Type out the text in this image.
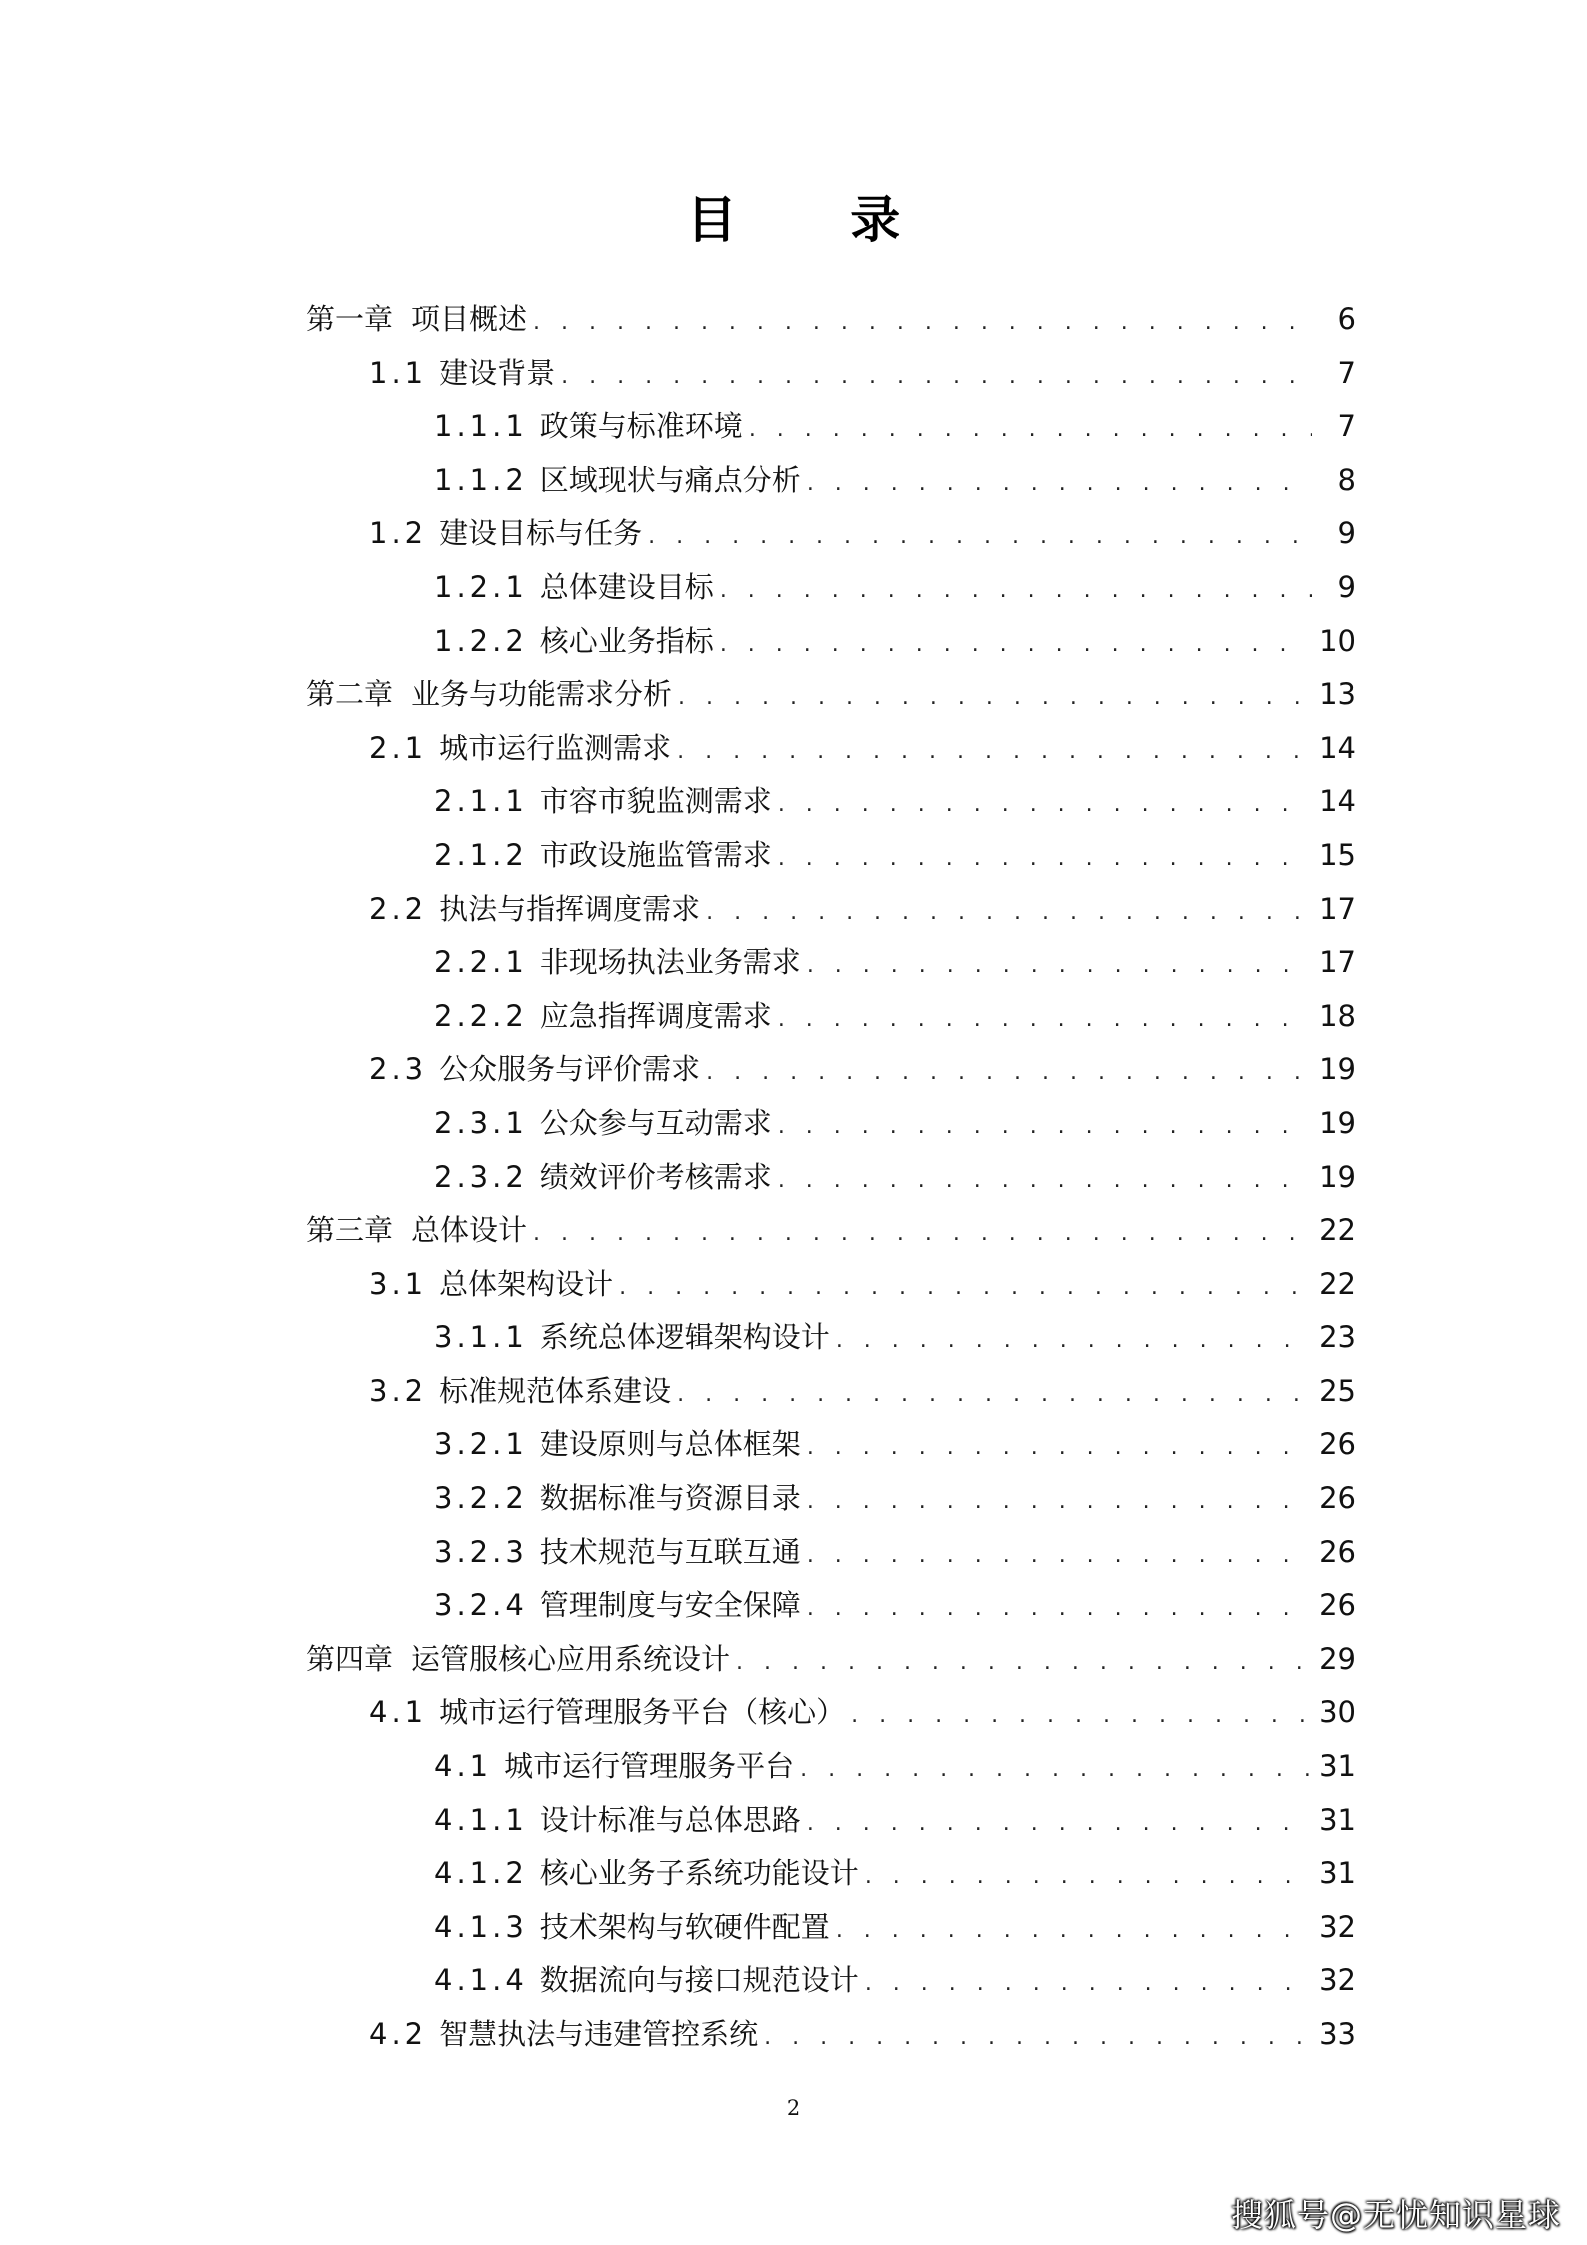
目 录
第一章 项目概述 . . .	6
1.1 建设背景 . . .	7
1.1.1 政策与标准环境 . . .	7
1.1.2 区域现状与痛点分析 . . .	8
1.2 建设目标与任务 . . .	9
1.2.1 总体建设目标 . . .	9
1.2.2 核心业务指标 . . .	10
第二章 业务与功能需求分析 . . .	13
2.1 城市运行监测需求 . . .	14
2.1.1 市容市貌监测需求 . . .	14
2.1.2 市政设施监管需求 . . .	15
2.2 执法与指挥调度需求 . . .	17
2.2.1 非现场执法业务需求 . . .	17
2.2.2 应急指挥调度需求 . . .	18
2.3 公众服务与评价需求 . . .	19
2.3.1 公众参与互动需求 . . .	19
2.3.2 绩效评价考核需求 . . .	19
第三章 总体设计 . . .	22
3.1 总体架构设计 . . .	22
3.1.1 系统总体逻辑架构设计 . . .	23
3.2 标准规范体系建设 . . .	25
3.2.1 建设原则与总体框架 . . .	26
3.2.2 数据标准与资源目录 . . .	26
3.2.3 技术规范与互联互通 . . .	26
3.2.4 管理制度与安全保障 . . .	26
第四章 运管服核心应用系统设计 . . .	29
4.1 城市运行管理服务平台（核心） . . .	30
4.1 城市运行管理服务平台 . . .	31
4.1.1 设计标准与总体思路 . . .	31
4.1.2 核心业务子系统功能设计 . . .	31
4.1.3 技术架构与软硬件配置 . . .	32
4.1.4 数据流向与接口规范设计 . . .	32
4.2 智慧执法与违建管控系统 . . .	33
2
搜狐号@无忧知识星球
